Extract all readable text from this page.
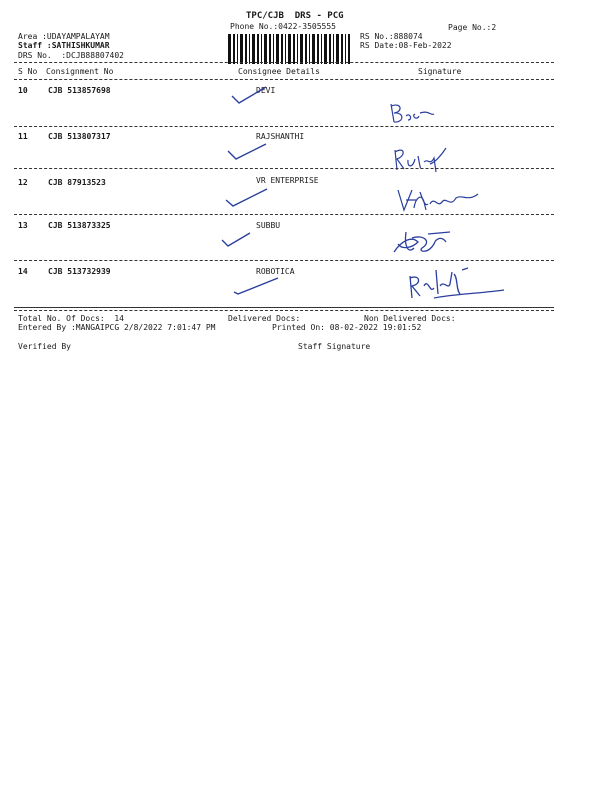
TPC/CJB  DRS - PCG
Phone No.:0422-3505555	Page No.:2
Area :UDAYAMPALAYAM
Staff :SATHISHKUMAR
DRS No.  :DCJB88807402
RS No.:888074
RS Date:08-Feb-2022
S No Consignment No	Consignee Details	Signature
10	CJB 513857698	DEVI
11	CJB 513807317	RAJSHANTHI
12	CJB 87913523	VR ENTERPRISE
13	CJB 513873325	SUBBU
14	CJB 513732939	ROBOTICA
Total No. Of Docs:  14	Delivered Docs:	Non Delivered Docs:
Entered By :MANGAIPCG 2/8/2022 7:01:47 PM	Printed On: 08-02-2022 19:01:52
Verified By	Staff Signature
